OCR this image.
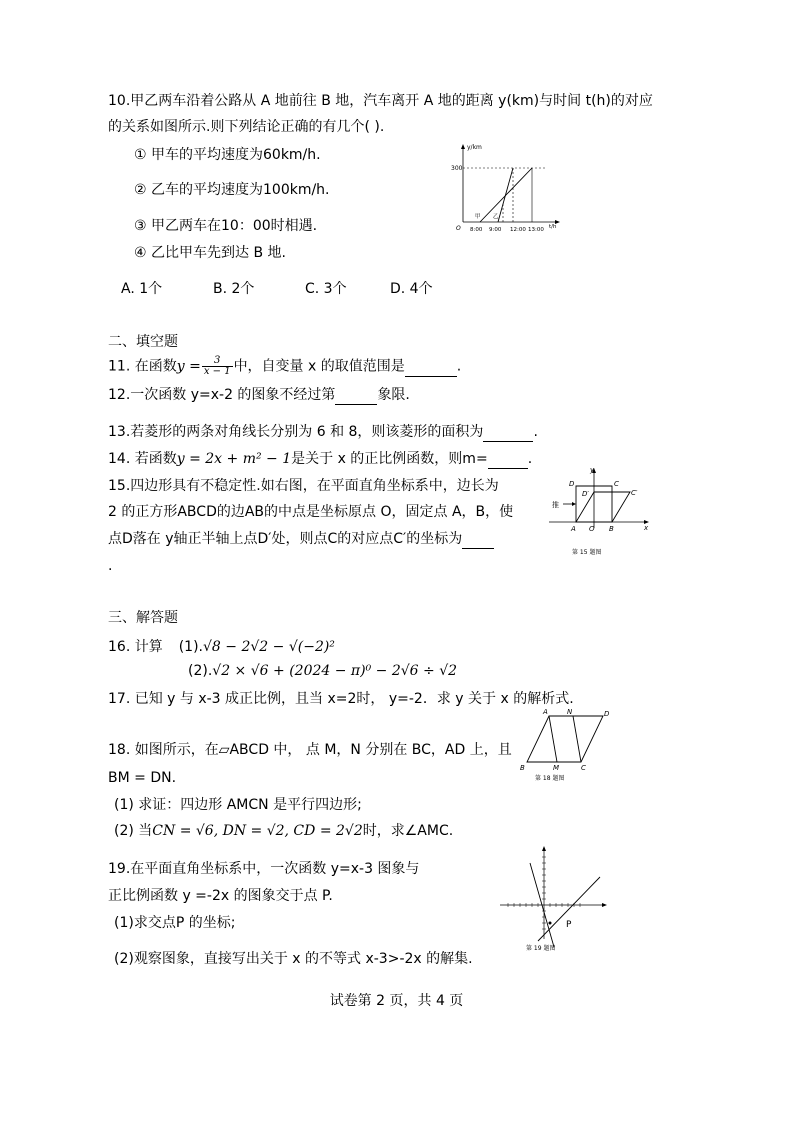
10.甲乙两车沿着公路从 A 地前往 B 地，汽车离开 A 地的距离 y(km)与时间 t(h)的对应
的关系如图所示.则下列结论正确的有几个( ).
① 甲车的平均速度为60km/h.
② 乙车的平均速度为100km/h.
③ 甲乙两车在10：00时相遇.
④ 乙比甲车先到达 B 地.
A. 1个	B. 2个	C. 3个	D. 4个
y/km
300
O 8:00 9:00 12:00 13:00 t/h
甲 乙
二、填空题
11. 在函数$y = \frac{3}{x - 1}$ 中，自变量 x 的取值范围是	.
12.一次函数 y=x-2 的图象不经过第	象限.
13.若菱形的两条对角线长分别为 6 和 8，则该菱形的面积为	.
14. 若函数y = 2x + m² − 1是关于 x 的正比例函数，则m=	.
15.四边形具有不稳定性.如右图，在平面直角坐标系中，边长为
2 的正方形ABCD的边AB的中点是坐标原点 O，固定点 A，B，使
点D落在 y轴正半轴上点D′处，则点C的对应点C′的坐标为
.
y
x
D	C
D′	C′
A O B
推
第 15 题图
三、解答题
16. 计算 (1).√8 − 2√2 − √(−2)²
(2).√2 × √6 + (2024 − π)⁰ − 2√6 ÷ √2
17. 已知 y 与 x-3 成正比例，且当 x=2时， y=-2．求 y 关于 x 的解析式.
18. 如图所示，在▱ABCD 中， 点 M，N 分别在 BC，AD 上，且
BM = DN.
(1) 求证：四边形 AMCN 是平行四边形;
(2) 当CN = √6, DN = √2, CD = 2√2时，求∠AMC.
A	N	D
B	M	C
第 18 题图
19.在平面直角坐标系中，一次函数 y=x-3 图象与
正比例函数 y =-2x 的图象交于点 P.
(1)求交点P 的坐标;
(2)观察图象，直接写出关于 x 的不等式 x-3>-2x 的解集.
P
第 19 题图
试卷第 2 页，共 4 页
